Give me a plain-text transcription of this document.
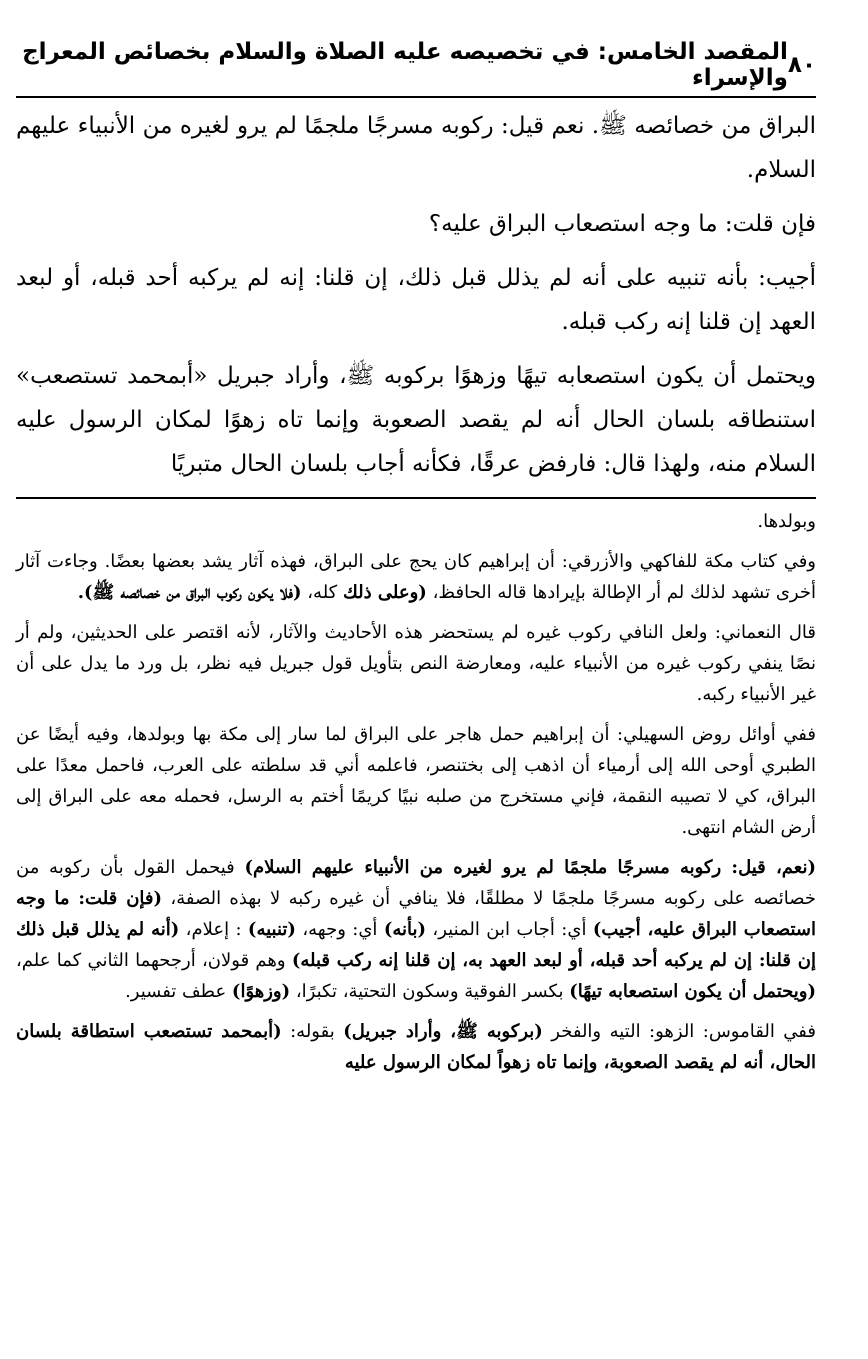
٨٠
المقصد الخامس: في تخصيصه عليه الصلاة والسلام بخصائص المعراج والإسراء

البراق من خصائصه ﷺ. نعم قيل: ركوبه مسرجًا ملجمًا لم يرو لغيره من الأنبياء عليهم السلام.

فإن قلت: ما وجه استصعاب البراق عليه؟

أجيب: بأنه تنبيه على أنه لم يذلل قبل ذلك، إن قلنا: إنه لم يركبه أحد قبله، أو لبعد العهد إن قلنا إنه ركب قبله.

ويحتمل أن يكون استصعابه تيهًا وزهوًا بركوبه ﷺ، وأراد جبريل «أبمحمد تستصعب» استنطاقه بلسان الحال أنه لم يقصد الصعوبة وإنما تاه زهوًا لمكان الرسول عليه السلام منه، ولهذا قال: فارفض عرقًا، فكأنه أجاب بلسان الحال متبريًا

وبولدها.

وفي كتاب مكة للفاكهي والأزرقي: أن إبراهيم كان يحج على البراق، فهذه آثار يشد بعضها بعضًا. وجاءت آثار أخرى تشهد لذلك لم أر الإطالة بإيرادها قاله الحافظ، (وعلى ذلك كله، (فلا يكون ركوب البراق من خصائصه ﷺ).

قال النعماني: ولعل النافي ركوب غيره لم يستحضر هذه الأحاديث والآثار، لأنه اقتصر على الحديثين، ولم أر نصًا ينفي ركوب غيره من الأنبياء عليه، ومعارضة النص بتأويل قول جبريل فيه نظر، بل ورد ما يدل على أن غير الأنبياء ركبه.

ففي أوائل روض السهيلي: أن إبراهيم حمل هاجر على البراق لما سار إلى مكة بها وبولدها، وفيه أيضًا عن الطبري أوحى الله إلى أرمياء أن اذهب إلى بختنصر، فاعلمه أني قد سلطته على العرب، فاحمل معدًا على البراق، كي لا تصيبه النقمة، فإني مستخرج من صلبه نبيًا كريمًا أختم به الرسل، فحمله معه على البراق إلى أرض الشام انتهى.

(نعم، قيل: ركوبه مسرجًا ملجمًا لم يرو لغيره من الأنبياء عليهم السلام) فيحمل القول بأن ركوبه من خصائصه على ركوبه مسرجًا ملجمًا لا مطلقًا، فلا ينافي أن غيره ركبه لا بهذه الصفة، (فإن قلت: ما وجه استصعاب البراق عليه، أجيب) أي: أجاب ابن المنير، (بأنه) أي: وجهه، (تنبيه) : إعلام، (أنه لم يذلل قبل ذلك إن قلنا: إن لم يركبه أحد قبله، أو لبعد العهد به، إن قلنا إنه ركب قبله) وهم قولان، أرجحهما الثاني كما علم، (ويحتمل أن يكون استصعابه تيهًا) بكسر الفوقية وسكون التحتية، تكبرًا، (وزهوًا) عطف تفسير.

ففي القاموس: الزهو: التيه والفخر (بركوبه ﷺ، وأراد جبريل) بقوله: (أبمحمد تستصعب استطاقة بلسان الحال، أنه لم يقصد الصعوبة، وإنما تاه زهواً لمكان الرسول عليه
